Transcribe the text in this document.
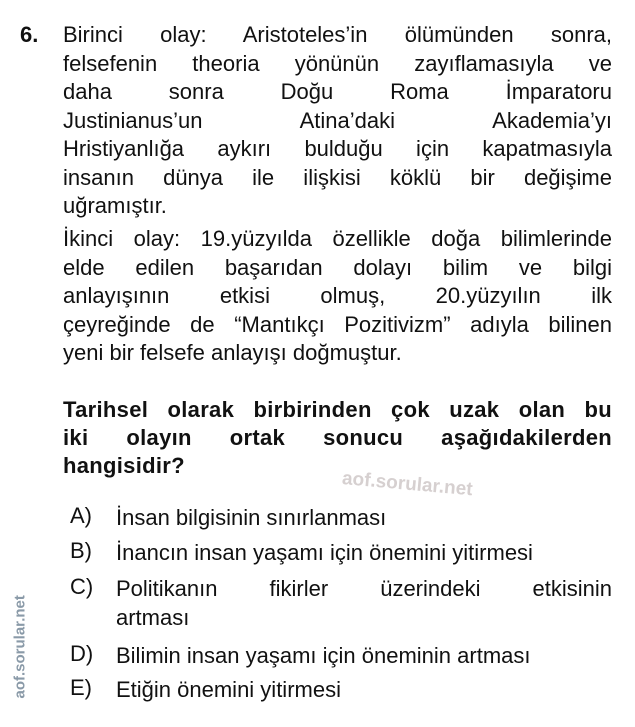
6. Birinci olay: Aristoteles’in ölümünden sonra,
felsefenin theoria yönünün zayıflamasıyla ve
daha sonra Doğu Roma İmparatoru
Justinianus’un Atina’daki Akademia’yı
Hristiyanlığa aykırı bulduğu için kapatmasıyla
insanın dünya ile ilişkisi köklü bir değişime
uğramıştır.
İkinci olay: 19.yüzyılda özellikle doğa bilimlerinde
elde edilen başarıdan dolayı bilim ve bilgi
anlayışının etkisi olmuş, 20.yüzyılın ilk
çeyreğinde de “Mantıkçı Pozitivizm” adıyla bilinen
yeni bir felsefe anlayışı doğmuştur.
Tarihsel olarak birbirinden çok uzak olan bu
iki olayın ortak sonucu aşağıdakilerden
hangisidir?
aof.sorular.net
A) İnsan bilgisinin sınırlanması
B) İnancın insan yaşamı için önemini yitirmesi
C) Politikanın fikirler üzerindeki etkisinin
artması
D) Bilimin insan yaşamı için öneminin artması
E) Etiğin önemini yitirmesi
aof.sorular.net
